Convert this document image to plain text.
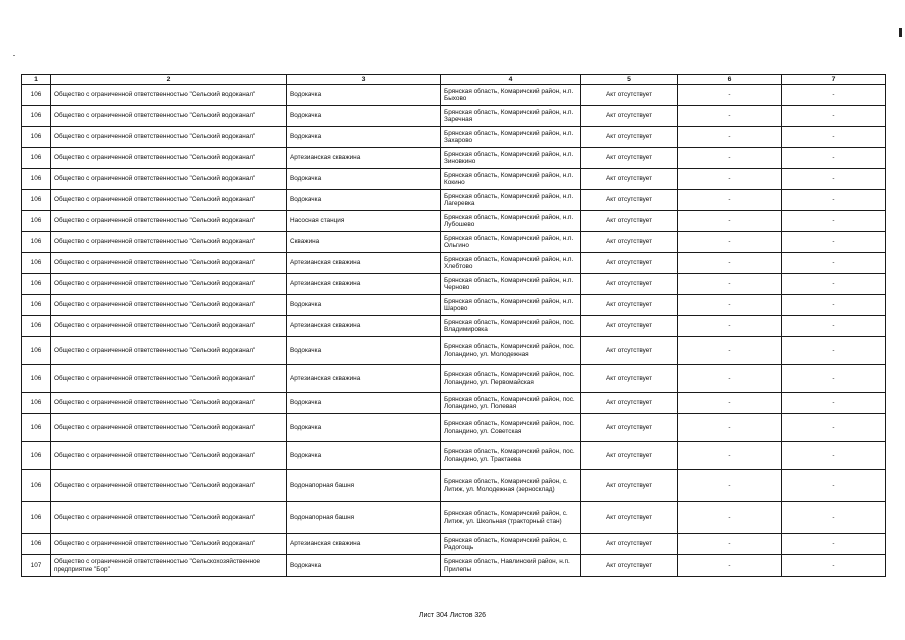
1	2	3	4	5	6	7
106	Общество с ограниченной ответственностью "Сельский водоканал"	Водокачка	Брянская область, Комаричский район, н.п. Быхово	Акт отсутствует	-	-
106	Общество с ограниченной ответственностью "Сельский водоканал"	Водокачка	Брянская область, Комаричский район, н.п. Заречная	Акт отсутствует	-	-
106	Общество с ограниченной ответственностью "Сельский водоканал"	Водокачка	Брянская область, Комаричский район, н.п. Захарово	Акт отсутствует	-	-
106	Общество с ограниченной ответственностью "Сельский водоканал"	Артезианская скважина	Брянская область, Комаричский район, н.п. Зиновкино	Акт отсутствует	-	-
106	Общество с ограниченной ответственностью "Сельский водоканал"	Водокачка	Брянская область, Комаричский район, н.п. Кокино	Акт отсутствует	-	-
106	Общество с ограниченной ответственностью "Сельский водоканал"	Водокачка	Брянская область, Комаричский район, н.п. Лагеревка	Акт отсутствует	-	-
106	Общество с ограниченной ответственностью "Сельский водоканал"	Насосная станция	Брянская область, Комаричский район, н.п. Лубошево	Акт отсутствует	-	-
106	Общество с ограниченной ответственностью "Сельский водоканал"	Скважина	Брянская область, Комаричский район, н.п. Ольгино	Акт отсутствует	-	-
106	Общество с ограниченной ответственностью "Сельский водоканал"	Артезианская скважина	Брянская область, Комаричский район, н.п. Хлебтово	Акт отсутствует	-	-
106	Общество с ограниченной ответственностью "Сельский водоканал"	Артезианская скважина	Брянская область, Комаричский район, н.п. Черново	Акт отсутствует	-	-
106	Общество с ограниченной ответственностью "Сельский водоканал"	Водокачка	Брянская область, Комаричский район, н.п. Шарово	Акт отсутствует	-	-
106	Общество с ограниченной ответственностью "Сельский водоканал"	Артезианская скважина	Брянская область, Комаричский район, пос. Владимировка	Акт отсутствует	-	-
106	Общество с ограниченной ответственностью "Сельский водоканал"	Водокачка	Брянская область, Комаричский район, пос. Лопандино, ул. Молодежная	Акт отсутствует	-	-
106	Общество с ограниченной ответственностью "Сельский водоканал"	Артезианская скважина	Брянская область, Комаричский район, пос. Лопандино, ул. Первомайская	Акт отсутствует	-	-
106	Общество с ограниченной ответственностью "Сельский водоканал"	Водокачка	Брянская область, Комаричский район, пос. Лопандино, ул. Полевая	Акт отсутствует	-	-
106	Общество с ограниченной ответственностью "Сельский водоканал"	Водокачка	Брянская область, Комаричский район, пос. Лопандино, ул. Советская	Акт отсутствует	-	-
106	Общество с ограниченной ответственностью "Сельский водоканал"	Водокачка	Брянская область, Комаричский район, пос. Лопандино, ул. Трактаева	Акт отсутствует	-	-
106	Общество с ограниченной ответственностью "Сельский водоканал"	Водонапорная башня	Брянская область, Комаричский район, с. Литиж, ул. Молодежная (зерносклад)	Акт отсутствует	-	-
106	Общество с ограниченной ответственностью "Сельский водоканал"	Водонапорная башня	Брянская область, Комаричский район, с. Литиж, ул. Школьная (тракторный стан)	Акт отсутствует	-	-
106	Общество с ограниченной ответственностью "Сельский водоканал"	Артезианская скважина	Брянская область, Комаричский район, с. Радогощь	Акт отсутствует	-	-
107	Общество с ограниченной ответственностью "Сельскохозяйственное предприятие "Бор"	Водокачка	Брянская область, Навлинский район, н.п. Прилепы	Акт отсутствует	-	-
Лист 304 Листов 326
